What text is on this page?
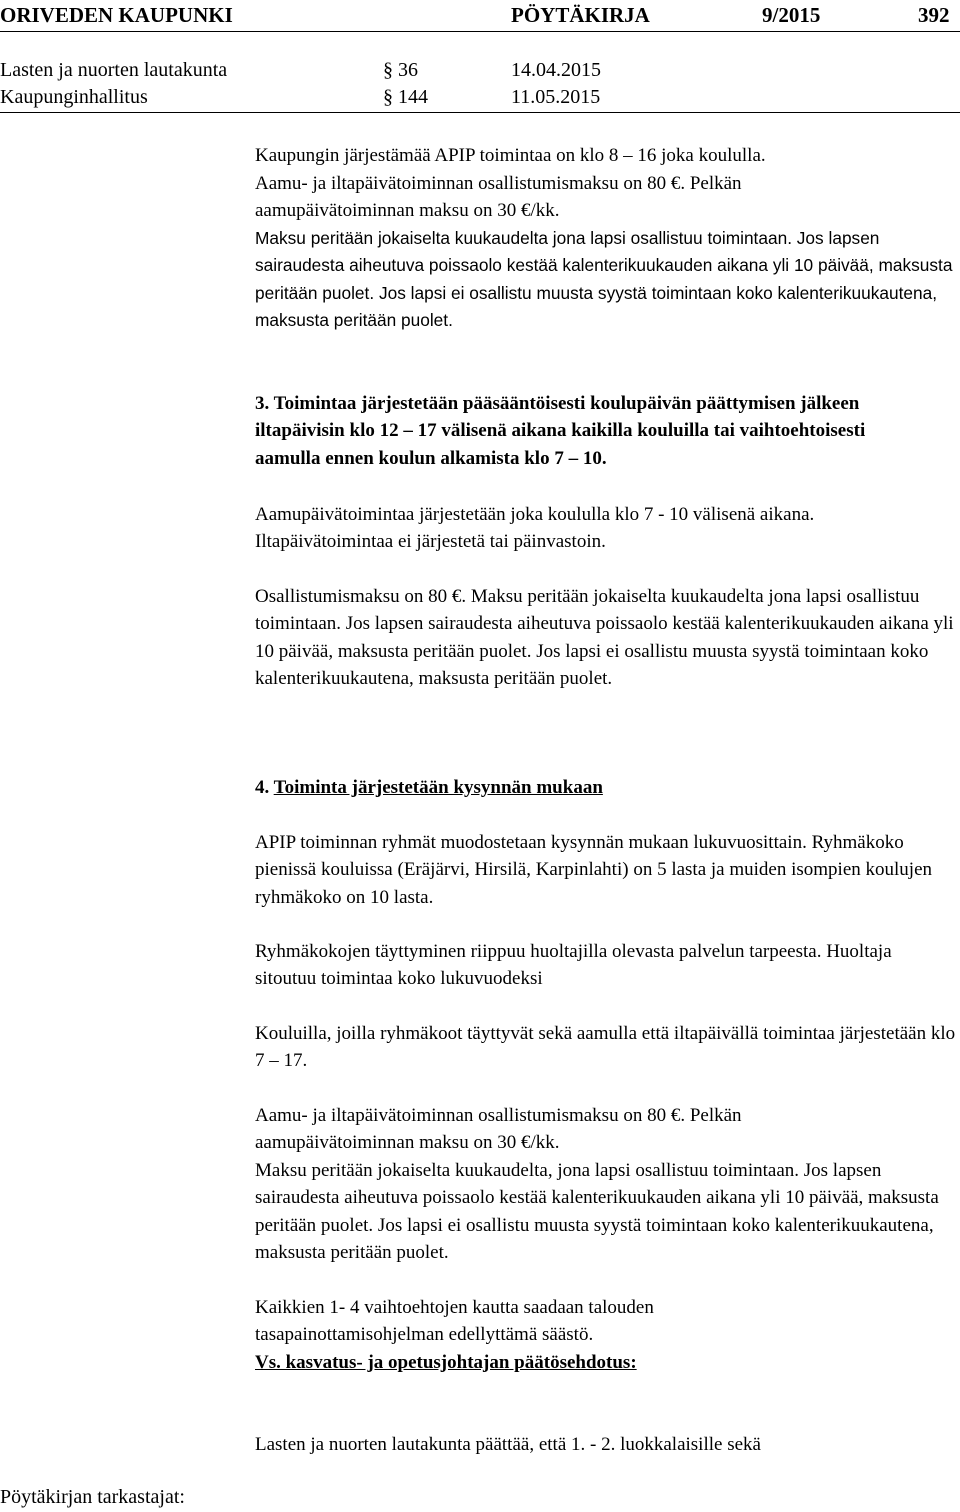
ORIVEDEN KAUPUNKI	PÖYTÄKIRJA	9/2015	392
Lasten ja nuorten lautakunta	§ 36	14.04.2015
Kaupunginhallitus	§ 144	11.05.2015
Kaupungin järjestämää APIP toimintaa on klo 8 – 16 joka koululla.
Aamu- ja iltapäivätoiminnan osallistumismaksu on 80 €. Pelkän aamupäivätoiminnan maksu on 30 €/kk.
Maksu peritään jokaiselta kuukaudelta jona lapsi osallistuu toimintaan. Jos lapsen sairaudesta aiheutuva poissaolo kestää kalenterikuukauden aikana yli 10 päivää, maksusta peritään puolet. Jos lapsi ei osallistu muusta syystä toimintaan koko kalenterikuukautena, maksusta peritään puolet.
3. Toimintaa järjestetään pääsääntöisesti koulupäivän päättymisen jälkeen iltapäivisin klo 12 – 17 välisenä aikana kaikilla kouluilla tai vaihtoehtoisesti aamulla ennen koulun alkamista klo 7 – 10.
Aamupäivätoimintaa järjestetään joka koululla klo 7 - 10 välisenä aikana. Iltapäivätoimintaa ei järjestetä tai päinvastoin.
Osallistumismaksu on 80 €. Maksu peritään jokaiselta kuukaudelta jona lapsi osallistuu toimintaan. Jos lapsen sairaudesta aiheutuva poissaolo kestää kalenterikuukauden aikana yli 10 päivää, maksusta peritään puolet. Jos lapsi ei osallistu muusta syystä toimintaan koko kalenterikuukautena, maksusta peritään puolet.
4. Toiminta järjestetään kysynnän mukaan
APIP toiminnan ryhmät muodostetaan kysynnän mukaan lukuvuosittain. Ryhmäkoko pienissä kouluissa (Eräjärvi, Hirsilä, Karpinlahti) on 5 lasta ja muiden isompien koulujen ryhmäkoko on 10 lasta.
Ryhmäkokojen täyttyminen riippuu huoltajilla olevasta palvelun tarpeesta. Huoltaja sitoutuu toimintaa koko lukuvuodeksi
Kouluilla, joilla ryhmäkoot täyttyvät sekä aamulla että iltapäivällä toimintaa järjestetään klo 7 – 17.
Aamu- ja iltapäivätoiminnan osallistumismaksu on 80 €. Pelkän aamupäivätoiminnan maksu on 30 €/kk.
Maksu peritään jokaiselta kuukaudelta, jona lapsi osallistuu toimintaan. Jos lapsen sairaudesta aiheutuva poissaolo kestää kalenterikuukauden aikana yli 10 päivää, maksusta peritään puolet. Jos lapsi ei osallistu muusta syystä toimintaan koko kalenterikuukautena, maksusta peritään puolet.
Kaikkien 1- 4 vaihtoehtojen kautta saadaan talouden tasapainottamisohjelman edellyttämä säästö.
Vs. kasvatus- ja opetusjohtajan päätösehdotus:
Lasten ja nuorten lautakunta päättää, että 1. - 2. luokkalaisille sekä
Pöytäkirjan tarkastajat:
